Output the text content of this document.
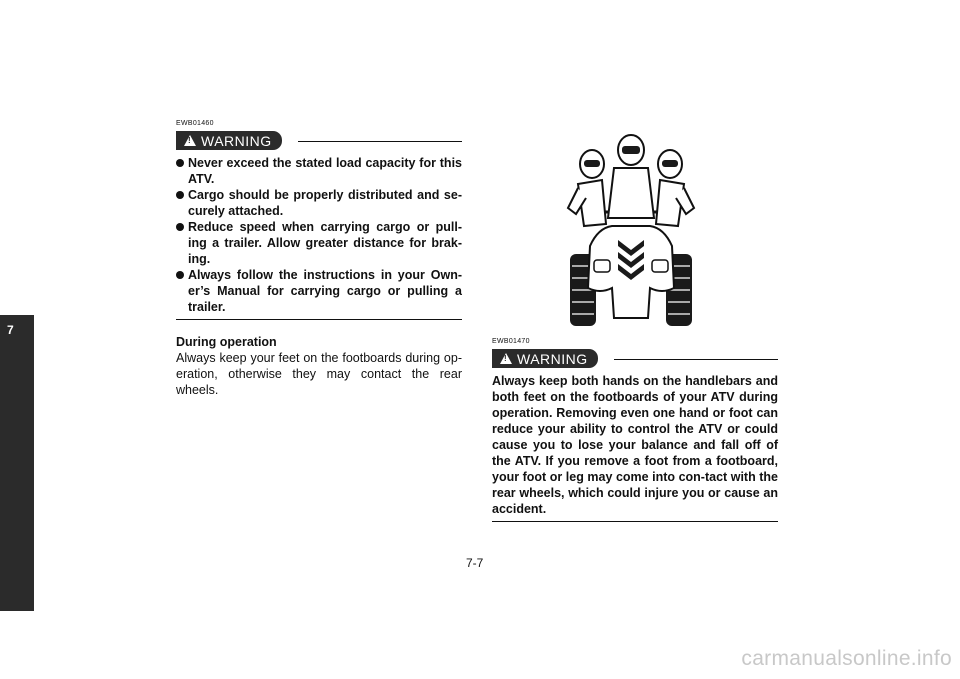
7
EWB01460
! WARNING
Never exceed the stated load capacity for this ATV.
Cargo should be properly distributed and se-curely attached.
Reduce speed when carrying cargo or pull-ing a trailer. Allow greater distance for brak-ing.
Always follow the instructions in your Own-er’s Manual for carrying cargo or pulling a trailer.
During operation

Always keep your feet on the footboards during op-eration, otherwise they may contact the rear wheels.

EWB01470
! WARNING

Always keep both hands on the handlebars and both feet on the footboards of your ATV during operation. Removing even one hand or foot can reduce your ability to control the ATV or could cause you to lose your balance and fall off of the ATV. If you remove a foot from a footboard, your foot or leg may come into con-tact with the rear wheels, which could injure you or cause an accident.

7-7
carmanualsonline.info
